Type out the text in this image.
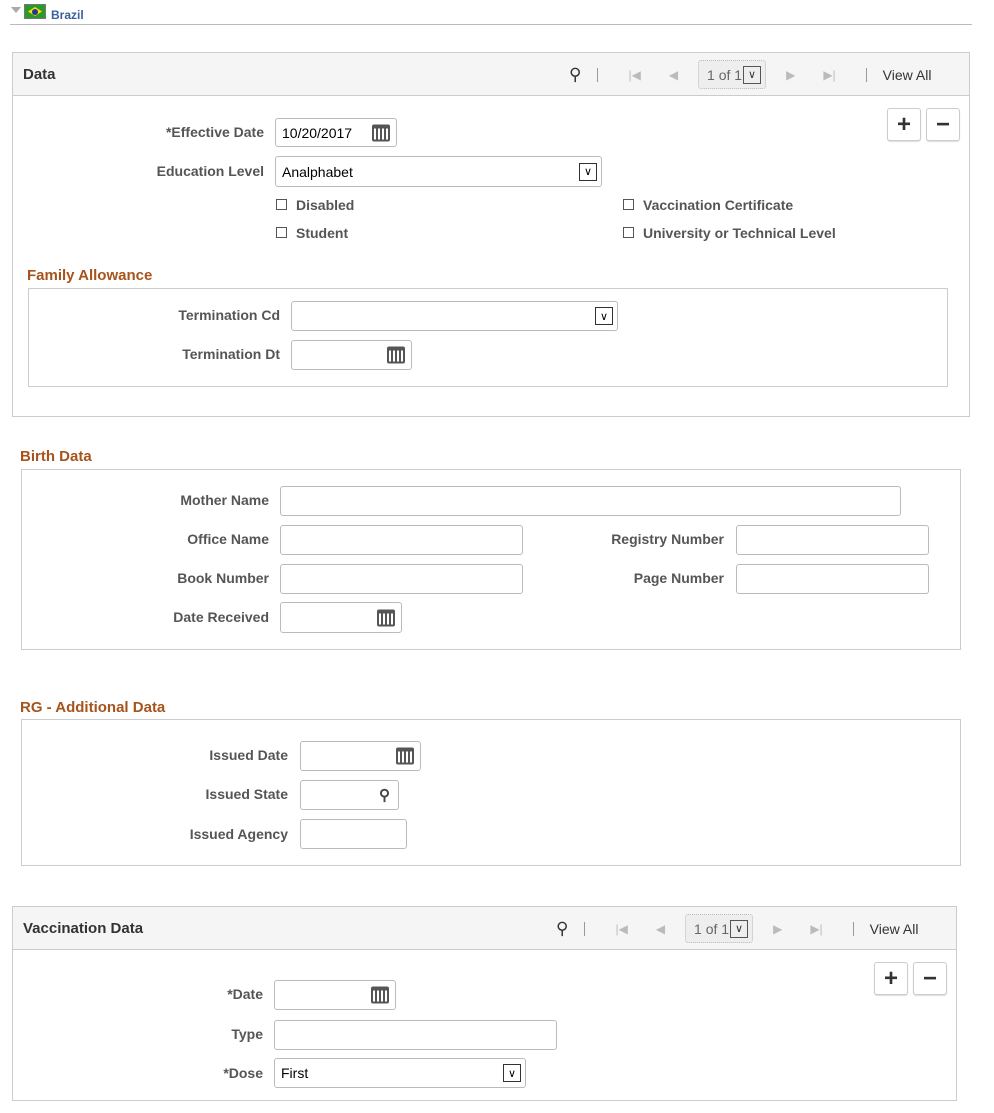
Brazil
Data	⚲	|◀ ◀ 1 of 1 ∨	▶ ▶|	View All
+	−
*Effective Date 10/20/2017
Education Level Analphabet	∨
Disabled
Student
Vaccination Certificate
University or Technical Level
Family Allowance
Termination Cd	∨
Termination Dt
Birth Data
Mother Name
Office Name	Registry Number
Book Number	Page Number
Date Received
RG - Additional Data
Issued Date
Issued State	⚲
Issued Agency
Vaccination Data	⚲	|◀ ◀ 1 of 1 ∨	▶ ▶|	View All
+	−
*Date
Type
*Dose First	∨
